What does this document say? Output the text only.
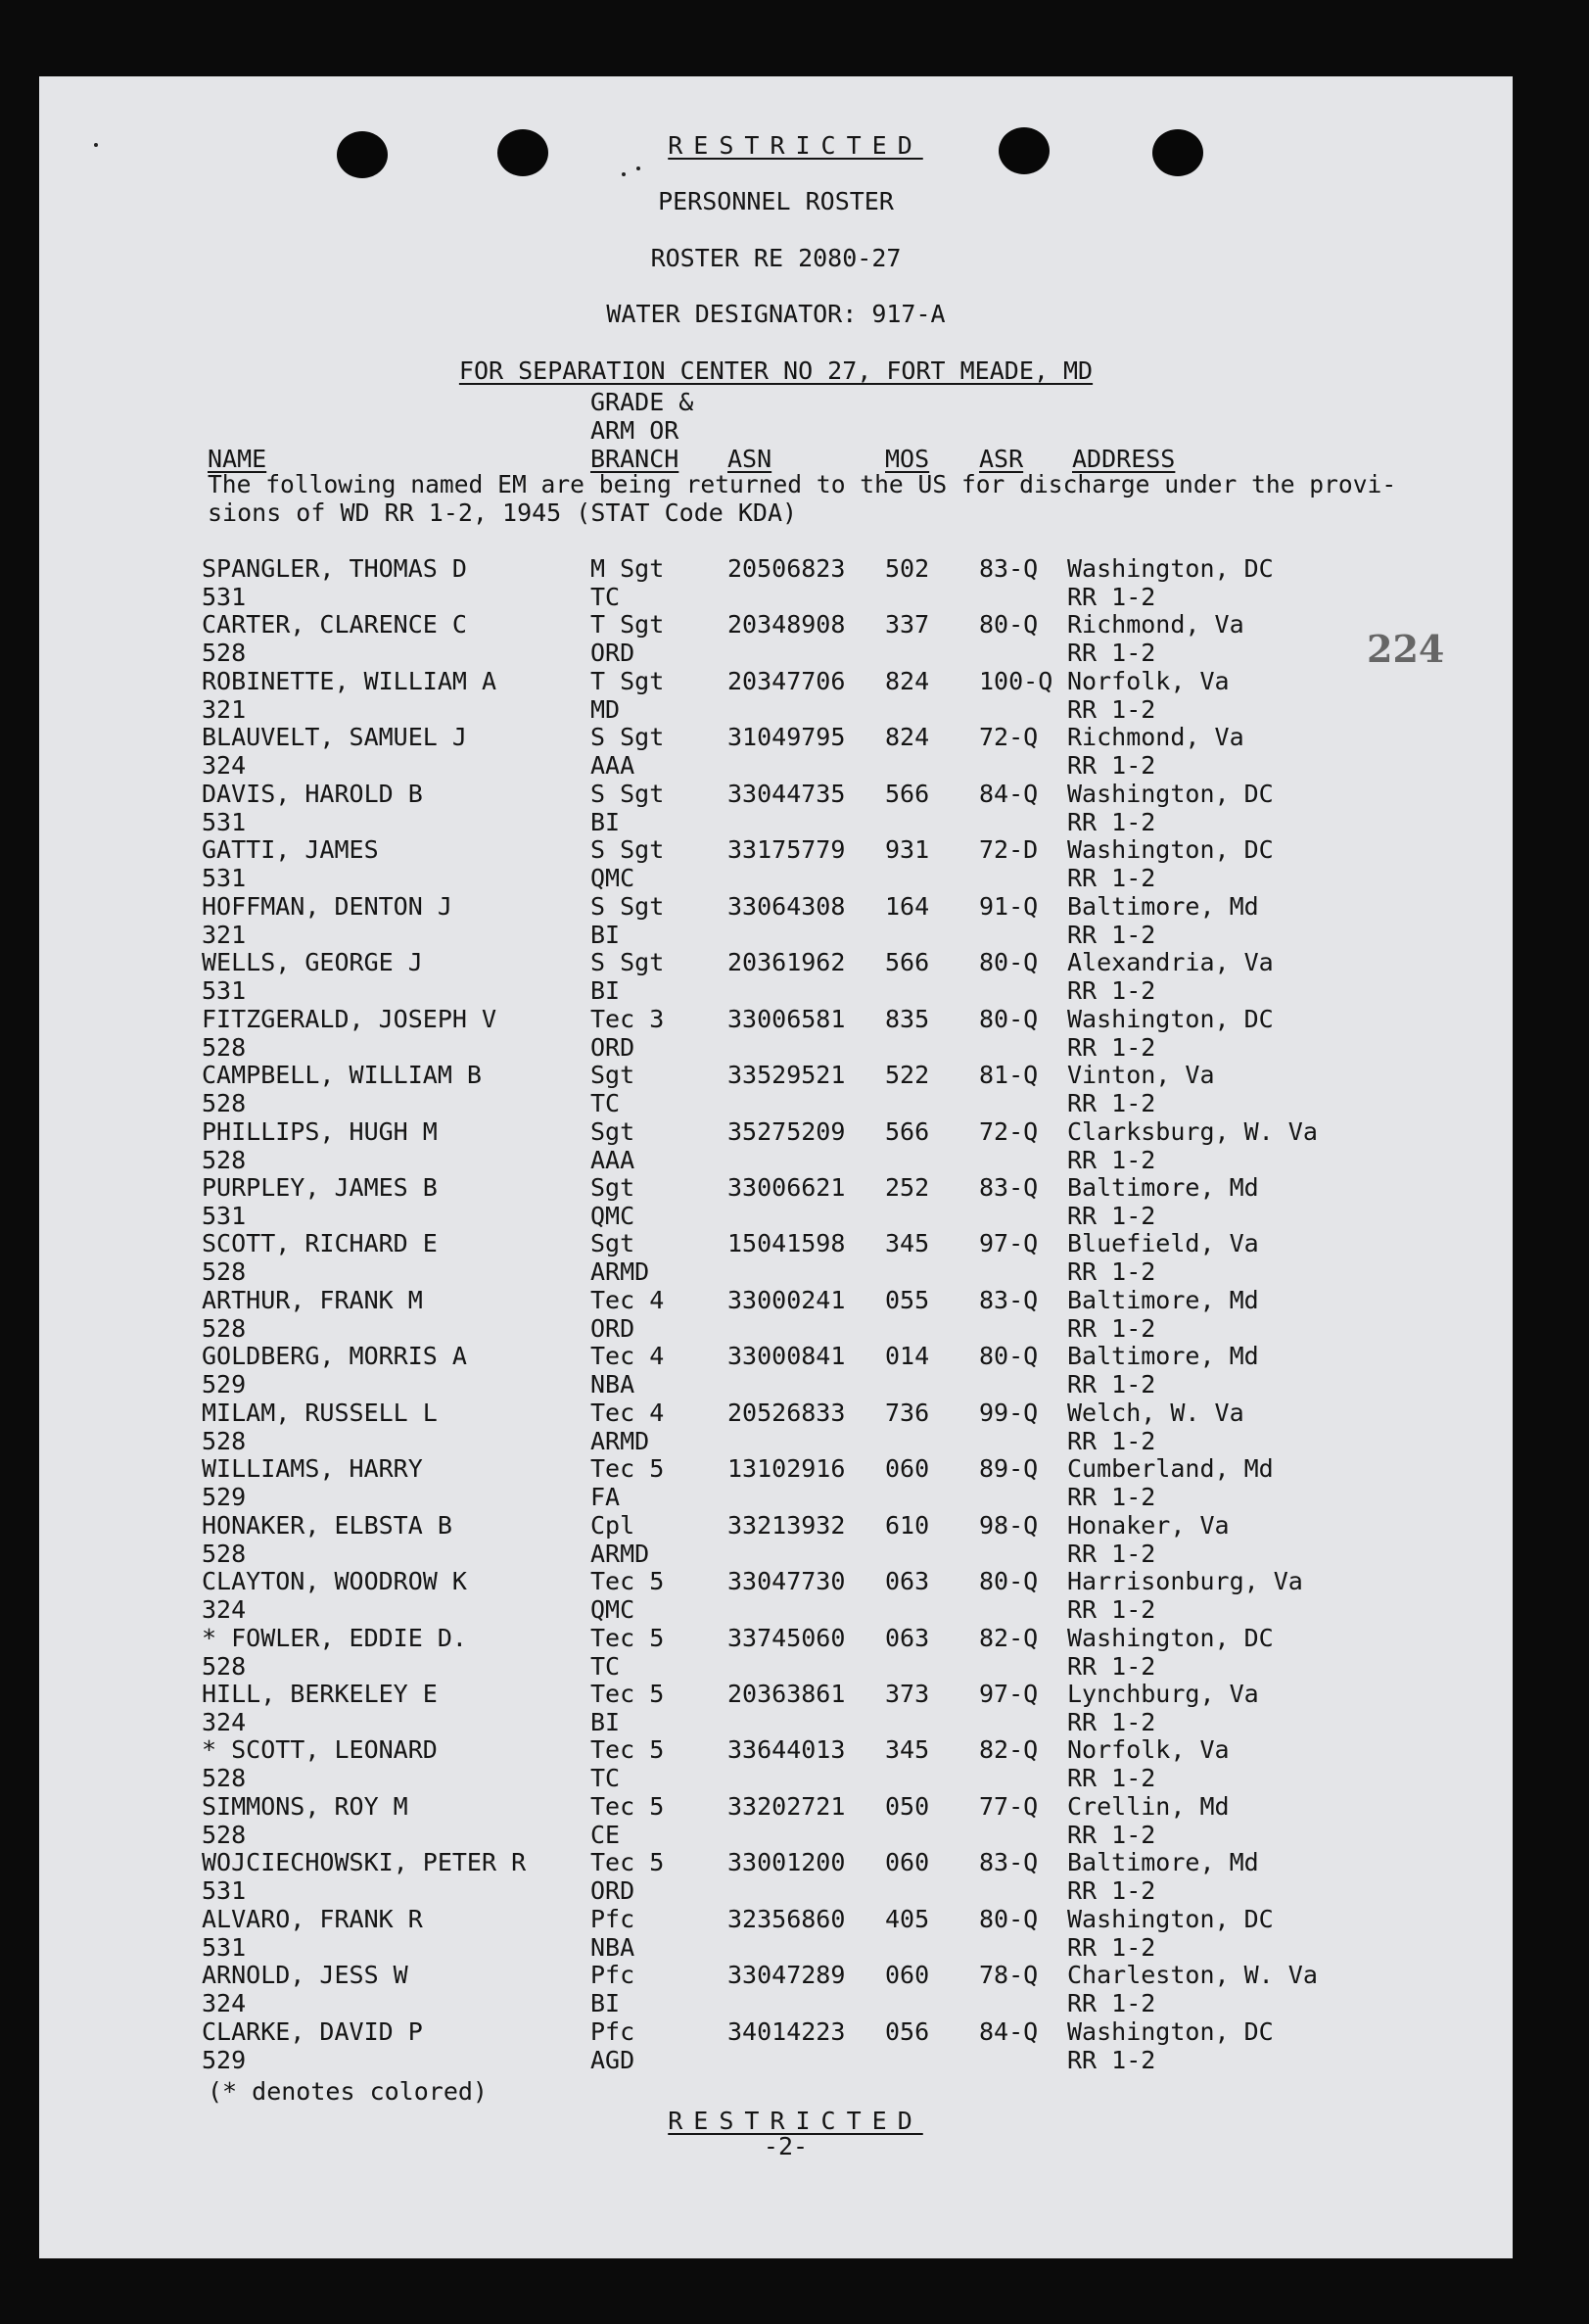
224
RESTRICTED
PERSONNEL ROSTER
ROSTER RE 2080-27
WATER DESIGNATOR: 917-A
FOR SEPARATION CENTER NO 27, FORT MEADE, MD
GRADE &
ARM OR
BRANCH
NAME	ASN	MOS ASR ADDRESS
The following named EM are being returned to the US for discharge under the provi-
sions of WD RR 1-2, 1945 (STAT Code KDA)
SPANGLER, THOMAS D	M Sgt	20506823 502 83-Q Washington, DC
531	TC	RR 1-2
CARTER, CLARENCE C	T Sgt	20348908 337 80-Q Richmond, Va
528	ORD	RR 1-2
ROBINETTE, WILLIAM A	T Sgt	20347706 824 100-Q Norfolk, Va
321	MD	RR 1-2
BLAUVELT, SAMUEL J	S Sgt	31049795 824 72-Q Richmond, Va
324	AAA	RR 1-2
DAVIS, HAROLD B	S Sgt	33044735 566 84-Q Washington, DC
531	BI	RR 1-2
GATTI, JAMES	S Sgt	33175779 931 72-D Washington, DC
531	QMC	RR 1-2
HOFFMAN, DENTON J	S Sgt	33064308 164 91-Q Baltimore, Md
321	BI	RR 1-2
WELLS, GEORGE J	S Sgt	20361962 566 80-Q Alexandria, Va
531	BI	RR 1-2
FITZGERALD, JOSEPH V	Tec 3	33006581 835 80-Q Washington, DC
528	ORD	RR 1-2
CAMPBELL, WILLIAM B	Sgt	33529521 522 81-Q Vinton, Va
528	TC	RR 1-2
PHILLIPS, HUGH M	Sgt	35275209 566 72-Q Clarksburg, W. Va
528	AAA	RR 1-2
PURPLEY, JAMES B	Sgt	33006621 252 83-Q Baltimore, Md
531	QMC	RR 1-2
SCOTT, RICHARD E	Sgt	15041598 345 97-Q Bluefield, Va
528	ARMD	RR 1-2
ARTHUR, FRANK M	Tec 4	33000241 055 83-Q Baltimore, Md
528	ORD	RR 1-2
GOLDBERG, MORRIS A	Tec 4	33000841 014 80-Q Baltimore, Md
529	NBA	RR 1-2
MILAM, RUSSELL L	Tec 4	20526833 736 99-Q Welch, W. Va
528	ARMD	RR 1-2
WILLIAMS, HARRY	Tec 5	13102916 060 89-Q Cumberland, Md
529	FA	RR 1-2
HONAKER, ELBSTA B	Cpl	33213932 610 98-Q Honaker, Va
528	ARMD	RR 1-2
CLAYTON, WOODROW K	Tec 5	33047730 063 80-Q Harrisonburg, Va
324	QMC	RR 1-2
* FOWLER, EDDIE D.	Tec 5	33745060 063 82-Q Washington, DC
528	TC	RR 1-2
HILL, BERKELEY E	Tec 5	20363861 373 97-Q Lynchburg, Va
324	BI	RR 1-2
* SCOTT, LEONARD	Tec 5	33644013 345 82-Q Norfolk, Va
528	TC	RR 1-2
SIMMONS, ROY M	Tec 5	33202721 050 77-Q Crellin, Md
528	CE	RR 1-2
WOJCIECHOWSKI, PETER R	Tec 5	33001200 060 83-Q Baltimore, Md
531	ORD	RR 1-2
ALVARO, FRANK R	Pfc	32356860 405 80-Q Washington, DC
531	NBA	RR 1-2
ARNOLD, JESS W	Pfc	33047289 060 78-Q Charleston, W. Va
324	BI	RR 1-2
CLARKE, DAVID P	Pfc	34014223 056 84-Q Washington, DC
529	AGD	RR 1-2
(* denotes colored)
RESTRICTED
-2-
